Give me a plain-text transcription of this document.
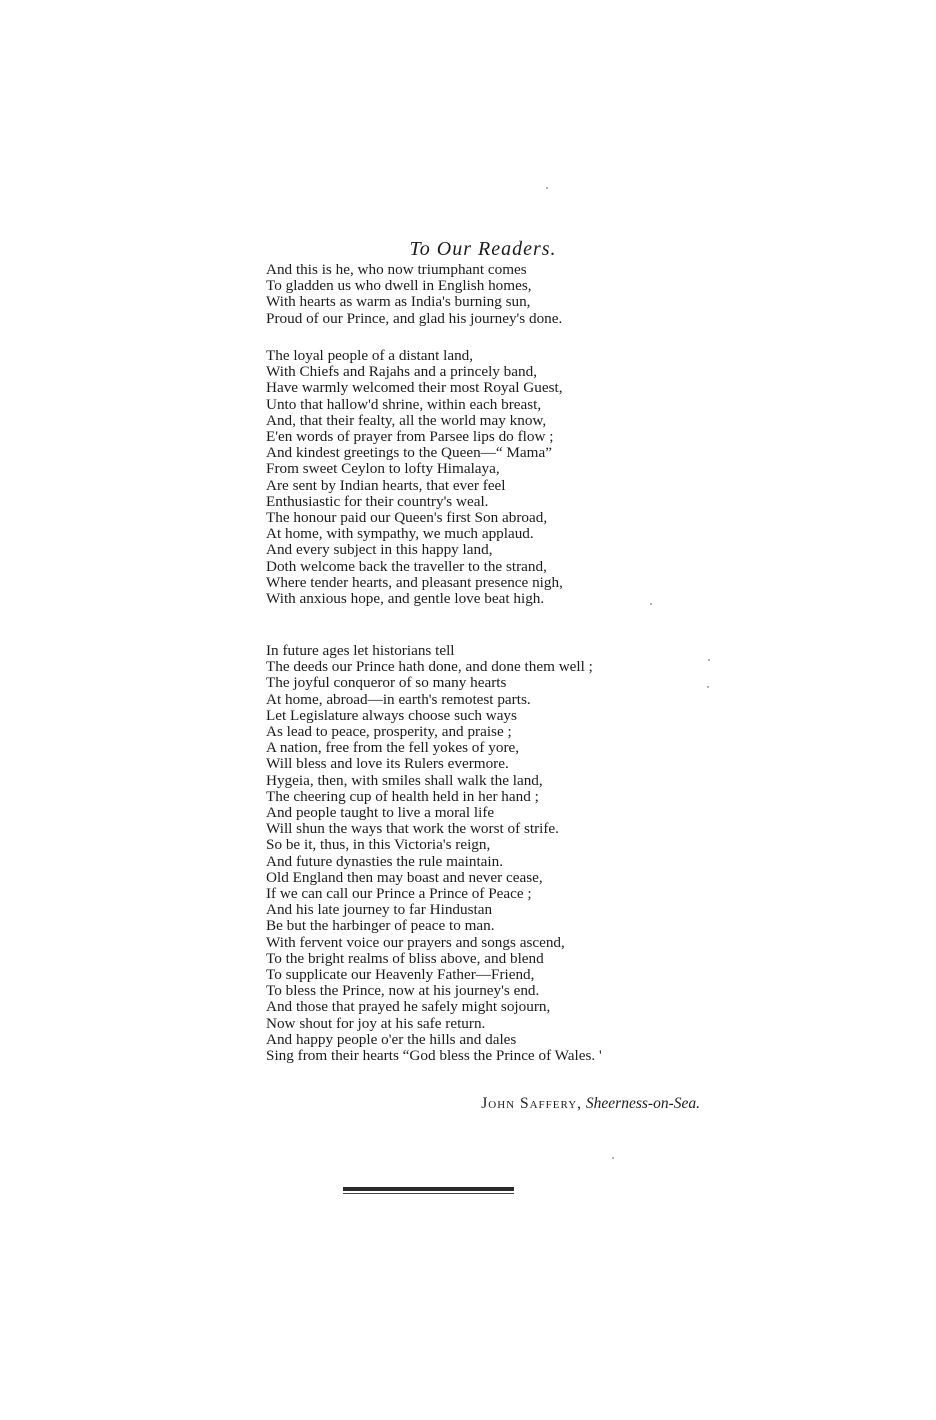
To Our Readers.
And this is he, who now triumphant comes
To gladden us who dwell in English homes,
With hearts as warm as India's burning sun,
Proud of our Prince, and glad his journey's done.
The loyal people of a distant land,
With Chiefs and Rajahs and a princely band,
Have warmly welcomed their most Royal Guest,
Unto that hallow'd shrine, within each breast,
And, that their fealty, all the world may know,
E'en words of prayer from Parsee lips do flow ;
And kindest greetings to the Queen—“ Mama”
From sweet Ceylon to lofty Himalaya,
Are sent by Indian hearts, that ever feel
Enthusiastic for their country's weal.
The honour paid our Queen's first Son abroad,
At home, with sympathy, we much applaud.
And every subject in this happy land,
Doth welcome back the traveller to the strand,
Where tender hearts, and pleasant presence nigh,
With anxious hope, and gentle love beat high.
In future ages let historians tell
The deeds our Prince hath done, and done them well ;
The joyful conqueror of so many hearts
At home, abroad—in earth's remotest parts.
Let Legislature always choose such ways
As lead to peace, prosperity, and praise ;
A nation, free from the fell yokes of yore,
Will bless and love its Rulers evermore.
Hygeia, then, with smiles shall walk the land,
The cheering cup of health held in her hand ;
And people taught to live a moral life
Will shun the ways that work the worst of strife.
So be it, thus, in this Victoria's reign,
And future dynasties the rule maintain.
Old England then may boast and never cease,
If we can call our Prince a Prince of Peace ;
And his late journey to far Hindustan
Be but the harbinger of peace to man.
With fervent voice our prayers and songs ascend,
To the bright realms of bliss above, and blend
To supplicate our Heavenly Father—Friend,
To bless the Prince, now at his journey's end.
And those that prayed he safely might sojourn,
Now shout for joy at his safe return.
And happy people o'er the hills and dales
Sing from their hearts “God bless the Prince of Wales. '
John Saffery, Sheerness-on-Sea.
